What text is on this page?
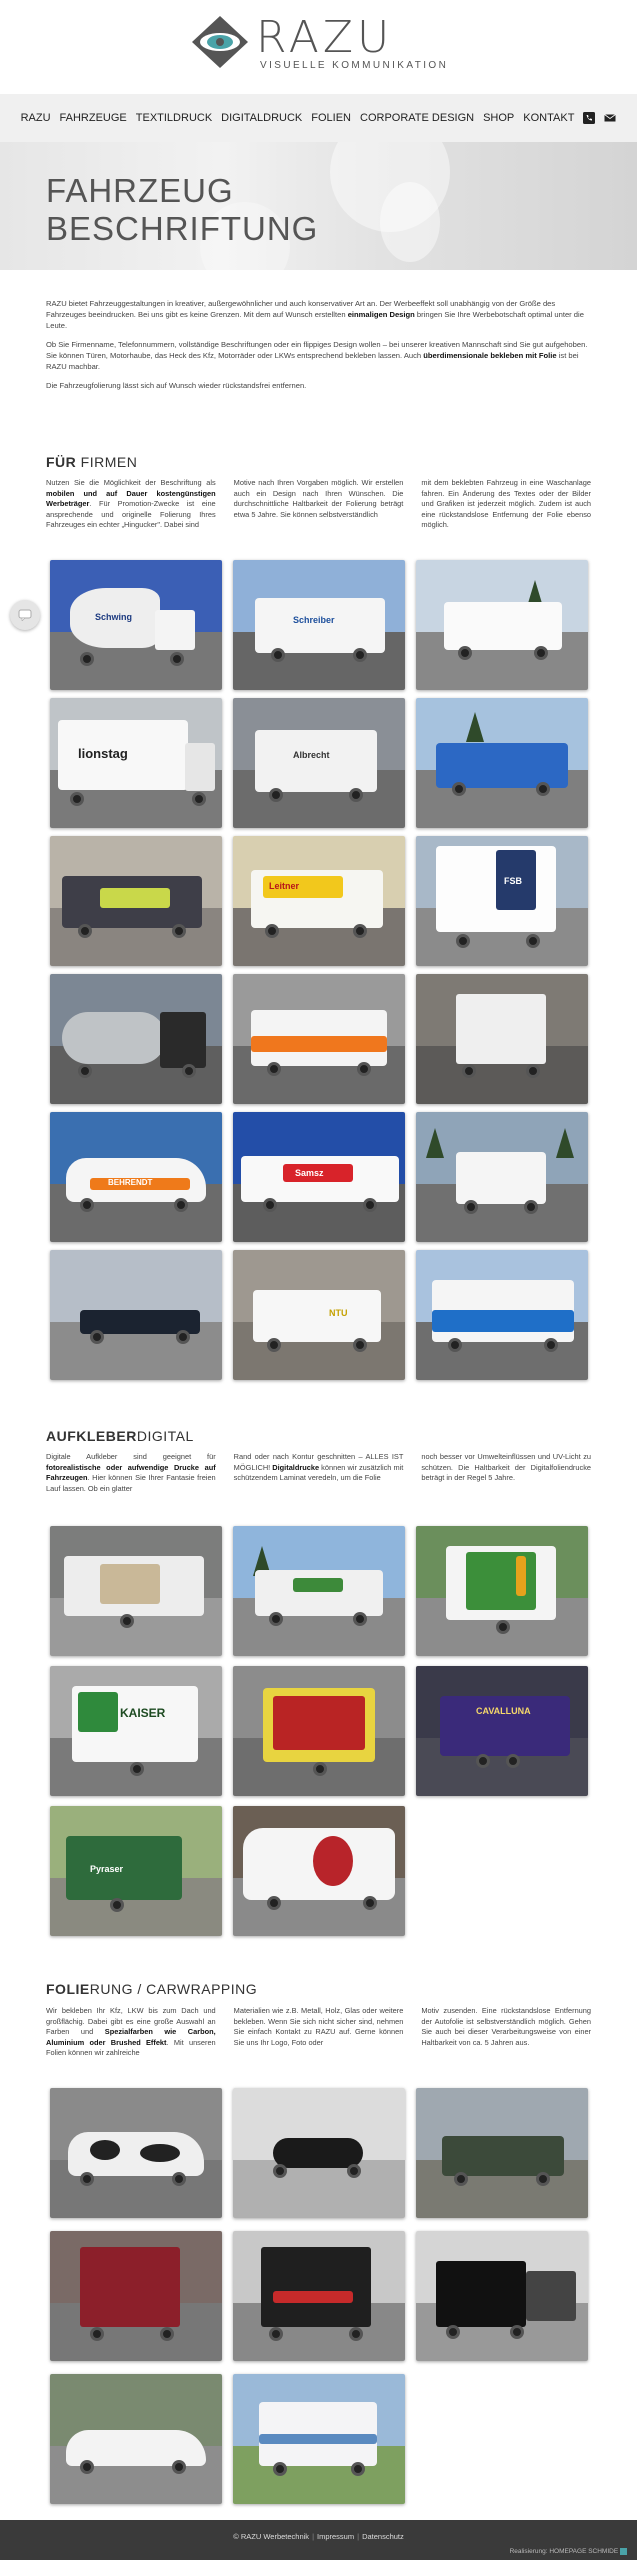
RAZU
VISUELLE KOMMUNIKATION
RAZU FAHRZEUGE TEXTILDRUCK DIGITALDRUCK FOLIEN CORPORATE DESIGN SHOP KONTAKT
FAHRZEUG
BESCHRIFTUNG

RAZU bietet Fahrzeuggestaltungen in kreativer, außergewöhnlicher und auch konservativer Art an. Der Werbeeffekt soll unabhängig von der Größe des Fahrzeuges beeindrucken. Bei uns gibt es keine Grenzen. Mit dem auf Wunsch erstellten einmaligen Design bringen Sie Ihre Werbebotschaft optimal unter die Leute.

Ob Sie Firmenname, Telefonnummern, vollständige Beschriftungen oder ein flippiges Design wollen – bei unserer kreativen Mannschaft sind Sie gut aufgehoben. Sie können Türen, Motorhaube, das Heck des Kfz, Motorräder oder LKWs entsprechend bekleben lassen. Auch überdimensionale bekleben mit Folie ist bei RAZU machbar.

Die Fahrzeugfolierung lässt sich auf Wunsch wieder rückstandsfrei entfernen.

FÜR FIRMEN
Nutzen Sie die Möglichkeit der Beschriftung als mobilen und auf Dauer kostengünstigen Werbeträger. Für Promotion-Zwecke ist eine ansprechende und originelle Folierung Ihres Fahrzeuges ein echter „Hingucker". Dabei sind
Motive nach Ihren Vorgaben möglich. Wir erstellen auch ein Design nach Ihren Wünschen. Die durchschnittliche Haltbarkeit der Folierung beträgt etwa 5 Jahre. Sie können selbstverständlich
mit dem beklebten Fahrzeug in eine Waschanlage fahren. Ein Änderung des Textes oder der Bilder und Grafiken ist jederzeit möglich. Zudem ist auch eine rückstandslose Entfernung der Folie ebenso möglich.
Schwing	Schreiber
lionstag	Albrecht
Leitner	FSB
BEHRENDT
Samsz
NTU
AUFKLEBERDIGITAL
Digitale Aufkleber sind geeignet für fotorealistische oder aufwendige Drucke auf Fahrzeugen. Hier können Sie Ihrer Fantasie freien Lauf lassen. Ob ein glatter
Rand oder nach Kontur geschnitten – ALLES IST MÖGLICH! Digitaldrucke können wir zusätzlich mit schützendem Laminat veredeln, um die Folie
noch besser vor Umwelteinflüssen und UV-Licht zu schützen. Die Haltbarkeit der Digitalfoliendrucke beträgt in der Regel 5 Jahre.
KAISER	CAVALLUNA
Pyraser
FOLIERUNG / CARWRAPPING
Wir bekleben Ihr Kfz, LKW bis zum Dach und großflächig. Dabei gibt es eine große Auswahl an Farben und Spezialfarben wie Carbon, Aluminium oder Brushed Effekt. Mit unseren Folien können wir zahlreiche
Materialien wie z.B. Metall, Holz, Glas oder weitere bekleben. Wenn Sie sich nicht sicher sind, nehmen Sie einfach Kontakt zu RAZU auf. Gerne können Sie uns Ihr Logo, Foto oder
Motiv zusenden. Eine rückstandslose Entfernung der Autofolie ist selbstverständlich möglich. Gehen Sie auch bei dieser Verarbeitungsweise von einer Haltbarkeit von ca. 5 Jahren aus.
© RAZU Werbetechnik | Impressum | Datenschutz
Realisierung: HOMEPAGE SCHMIDE
